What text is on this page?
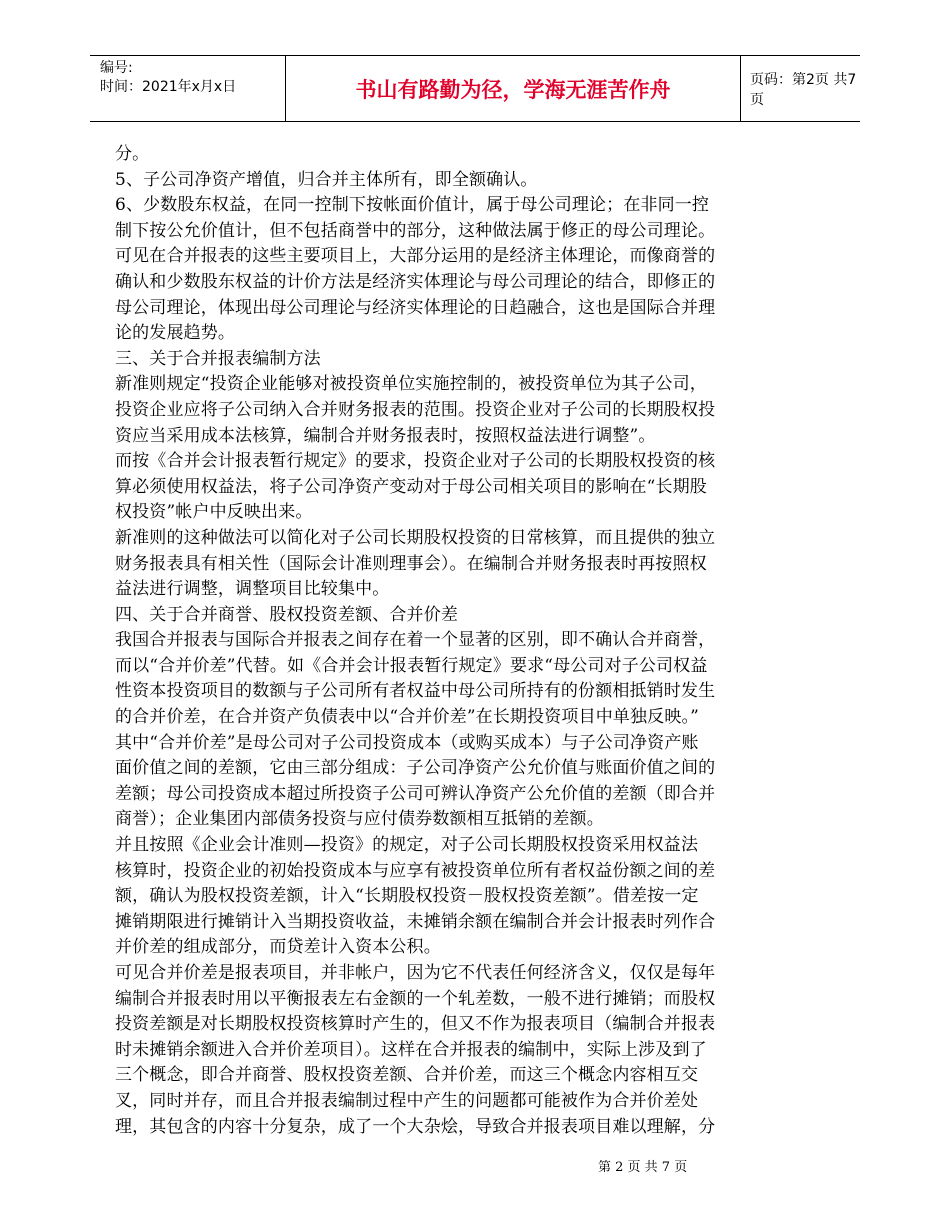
编号:
时间：2021年x月x日	书山有路勤为径，学海无涯苦作舟	页码：第2页 共7页
分。
5、子公司净资产增值，归合并主体所有，即全额确认。
6、少数股东权益，在同一控制下按帐面价值计，属于母公司理论；在非同一控
制下按公允价值计，但不包括商誉中的部分，这种做法属于修正的母公司理论。
可见在合并报表的这些主要项目上，大部分运用的是经济主体理论，而像商誉的
确认和少数股东权益的计价方法是经济实体理论与母公司理论的结合，即修正的
母公司理论，体现出母公司理论与经济实体理论的日趋融合，这也是国际合并理
论的发展趋势。
三、关于合并报表编制方法
新准则规定“投资企业能够对被投资单位实施控制的，被投资单位为其子公司，
投资企业应将子公司纳入合并财务报表的范围。投资企业对子公司的长期股权投
资应当采用成本法核算，编制合并财务报表时，按照权益法进行调整”。
而按《合并会计报表暂行规定》的要求，投资企业对子公司的长期股权投资的核
算必须使用权益法，将子公司净资产变动对于母公司相关项目的影响在“长期股
权投资”帐户中反映出来。
新准则的这种做法可以简化对子公司长期股权投资的日常核算，而且提供的独立
财务报表具有相关性（国际会计准则理事会）。在编制合并财务报表时再按照权
益法进行调整，调整项目比较集中。
四、关于合并商誉、股权投资差额、合并价差
我国合并报表与国际合并报表之间存在着一个显著的区别，即不确认合并商誉，
而以“合并价差”代替。如《合并会计报表暂行规定》要求“母公司对子公司权益
性资本投资项目的数额与子公司所有者权益中母公司所持有的份额相抵销时发生
的合并价差，在合并资产负债表中以“合并价差”在长期投资项目中单独反映。”
其中“合并价差”是母公司对子公司投资成本（或购买成本）与子公司净资产账
面价值之间的差额，它由三部分组成：子公司净资产公允价值与账面价值之间的
差额；母公司投资成本超过所投资子公司可辨认净资产公允价值的差额（即合并
商誉）；企业集团内部债务投资与应付债券数额相互抵销的差额。
并且按照《企业会计准则—投资》的规定，对子公司长期股权投资采用权益法
核算时，投资企业的初始投资成本与应享有被投资单位所有者权益份额之间的差
额，确认为股权投资差额，计入“长期股权投资－股权投资差额”。借差按一定
摊销期限进行摊销计入当期投资收益，未摊销余额在编制合并会计报表时列作合
并价差的组成部分，而贷差计入资本公积。
可见合并价差是报表项目，并非帐户，因为它不代表任何经济含义，仅仅是每年
编制合并报表时用以平衡报表左右金额的一个轧差数，一般不进行摊销；而股权
投资差额是对长期股权投资核算时产生的，但又不作为报表项目（编制合并报表
时未摊销余额进入合并价差项目）。这样在合并报表的编制中，实际上涉及到了
三个概念，即合并商誉、股权投资差额、合并价差，而这三个概念内容相互交
叉，同时并存，而且合并报表编制过程中产生的问题都可能被作为合并价差处
理，其包含的内容十分复杂，成了一个大杂烩，导致合并报表项目难以理解，分
第 2 页 共 7 页
